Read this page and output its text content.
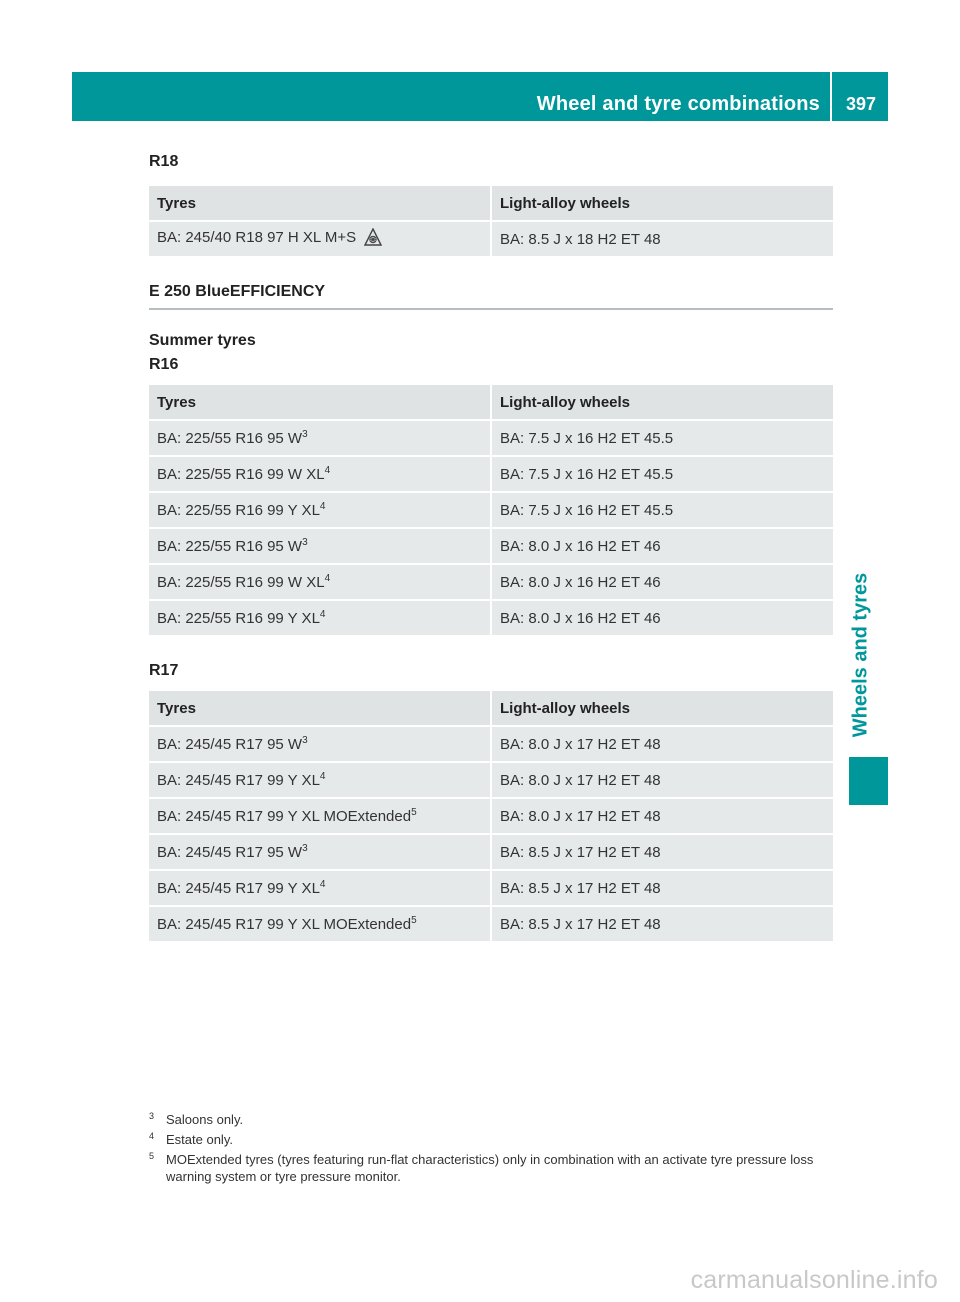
Wheel and tyre combinations	397
Wheels and tyres
R18
Tyres	Light-alloy wheels
BA: 245/40 R18 97 H XL M+S	BA: 8.5 J x 18 H2 ET 48
E 250 BlueEFFICIENCY
Summer tyres
R16
Tyres	Light-alloy wheels
BA: 225/55 R16 95 $W^3$	BA: 7.5 J x 16 H2 ET 45.5
BA: 225/55 R16 99 W $XL^4$	BA: 7.5 J x 16 H2 ET 45.5
BA: 225/55 R16 99 Y $XL^4$	BA: 7.5 J x 16 H2 ET 45.5
BA: 225/55 R16 95 $W^3$	BA: 8.0 J x 16 H2 ET 46
BA: 225/55 R16 99 W $XL^4$	BA: 8.0 J x 16 H2 ET 46
BA: 225/55 R16 99 Y $XL^4$	BA: 8.0 J x 16 H2 ET 46
R17
Tyres	Light-alloy wheels
BA: 245/45 R17 95 $W^3$	BA: 8.0 J x 17 H2 ET 48
BA: 245/45 R17 99 Y $XL^4$	BA: 8.0 J x 17 H2 ET 48
BA: 245/45 R17 99 Y XL MOExtended$^5$	BA: 8.0 J x 17 H2 ET 48
BA: 245/45 R17 95 $W^3$	BA: 8.5 J x 17 H2 ET 48
BA: 245/45 R17 99 Y $XL^4$	BA: 8.5 J x 17 H2 ET 48
BA: 245/45 R17 99 Y XL MOExtended$^5$	BA: 8.5 J x 17 H2 ET 48
3 Saloons only.
4 Estate only.
5 MOExtended tyres (tyres featuring run-flat characteristics) only in combination with an activate tyre pressure loss warning system or tyre pressure monitor.
carmanualsonline.info
